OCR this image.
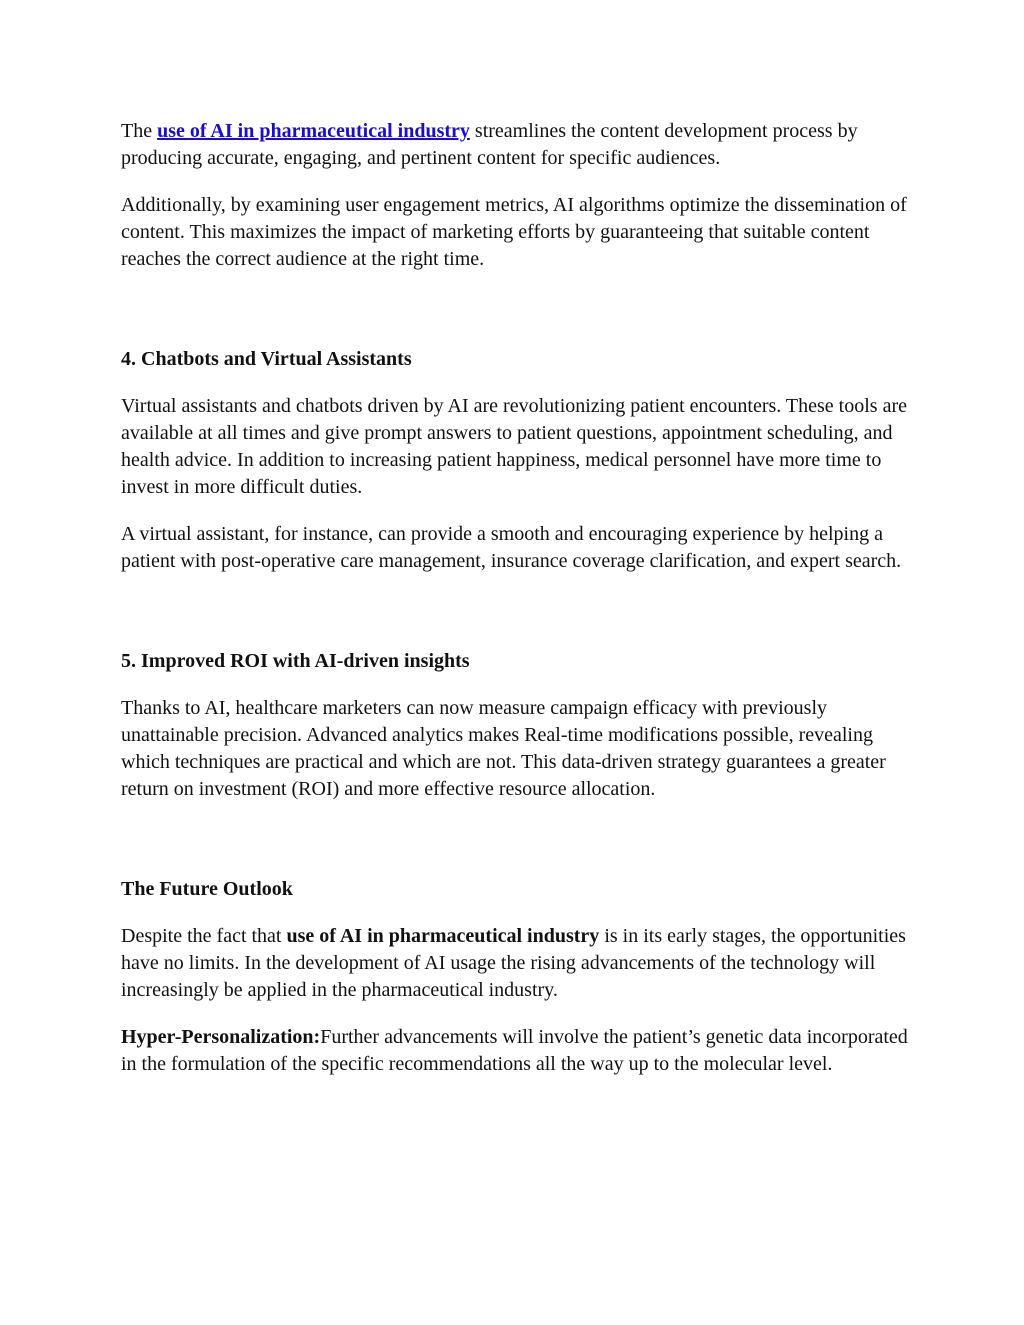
The use of AI in pharmaceutical industry streamlines the content development process by producing accurate, engaging, and pertinent content for specific audiences.

Additionally, by examining user engagement metrics, AI algorithms optimize the dissemination of content. This maximizes the impact of marketing efforts by guaranteeing that suitable content reaches the correct audience at the right time.

4. Chatbots and Virtual Assistants

Virtual assistants and chatbots driven by AI are revolutionizing patient encounters. These tools are available at all times and give prompt answers to patient questions, appointment scheduling, and health advice. In addition to increasing patient happiness, medical personnel have more time to invest in more difficult duties.

A virtual assistant, for instance, can provide a smooth and encouraging experience by helping a patient with post-operative care management, insurance coverage clarification, and expert search.

5. Improved ROI with AI-driven insights

Thanks to AI, healthcare marketers can now measure campaign efficacy with previously unattainable precision. Advanced analytics makes Real-time modifications possible, revealing which techniques are practical and which are not. This data-driven strategy guarantees a greater return on investment (ROI) and more effective resource allocation.

The Future Outlook

Despite the fact that use of AI in pharmaceutical industry is in its early stages, the opportunities have no limits. In the development of AI usage the rising advancements of the technology will increasingly be applied in the pharmaceutical industry.

Hyper-Personalization:Further advancements will involve the patient’s genetic data incorporated in the formulation of the specific recommendations all the way up to the molecular level.
